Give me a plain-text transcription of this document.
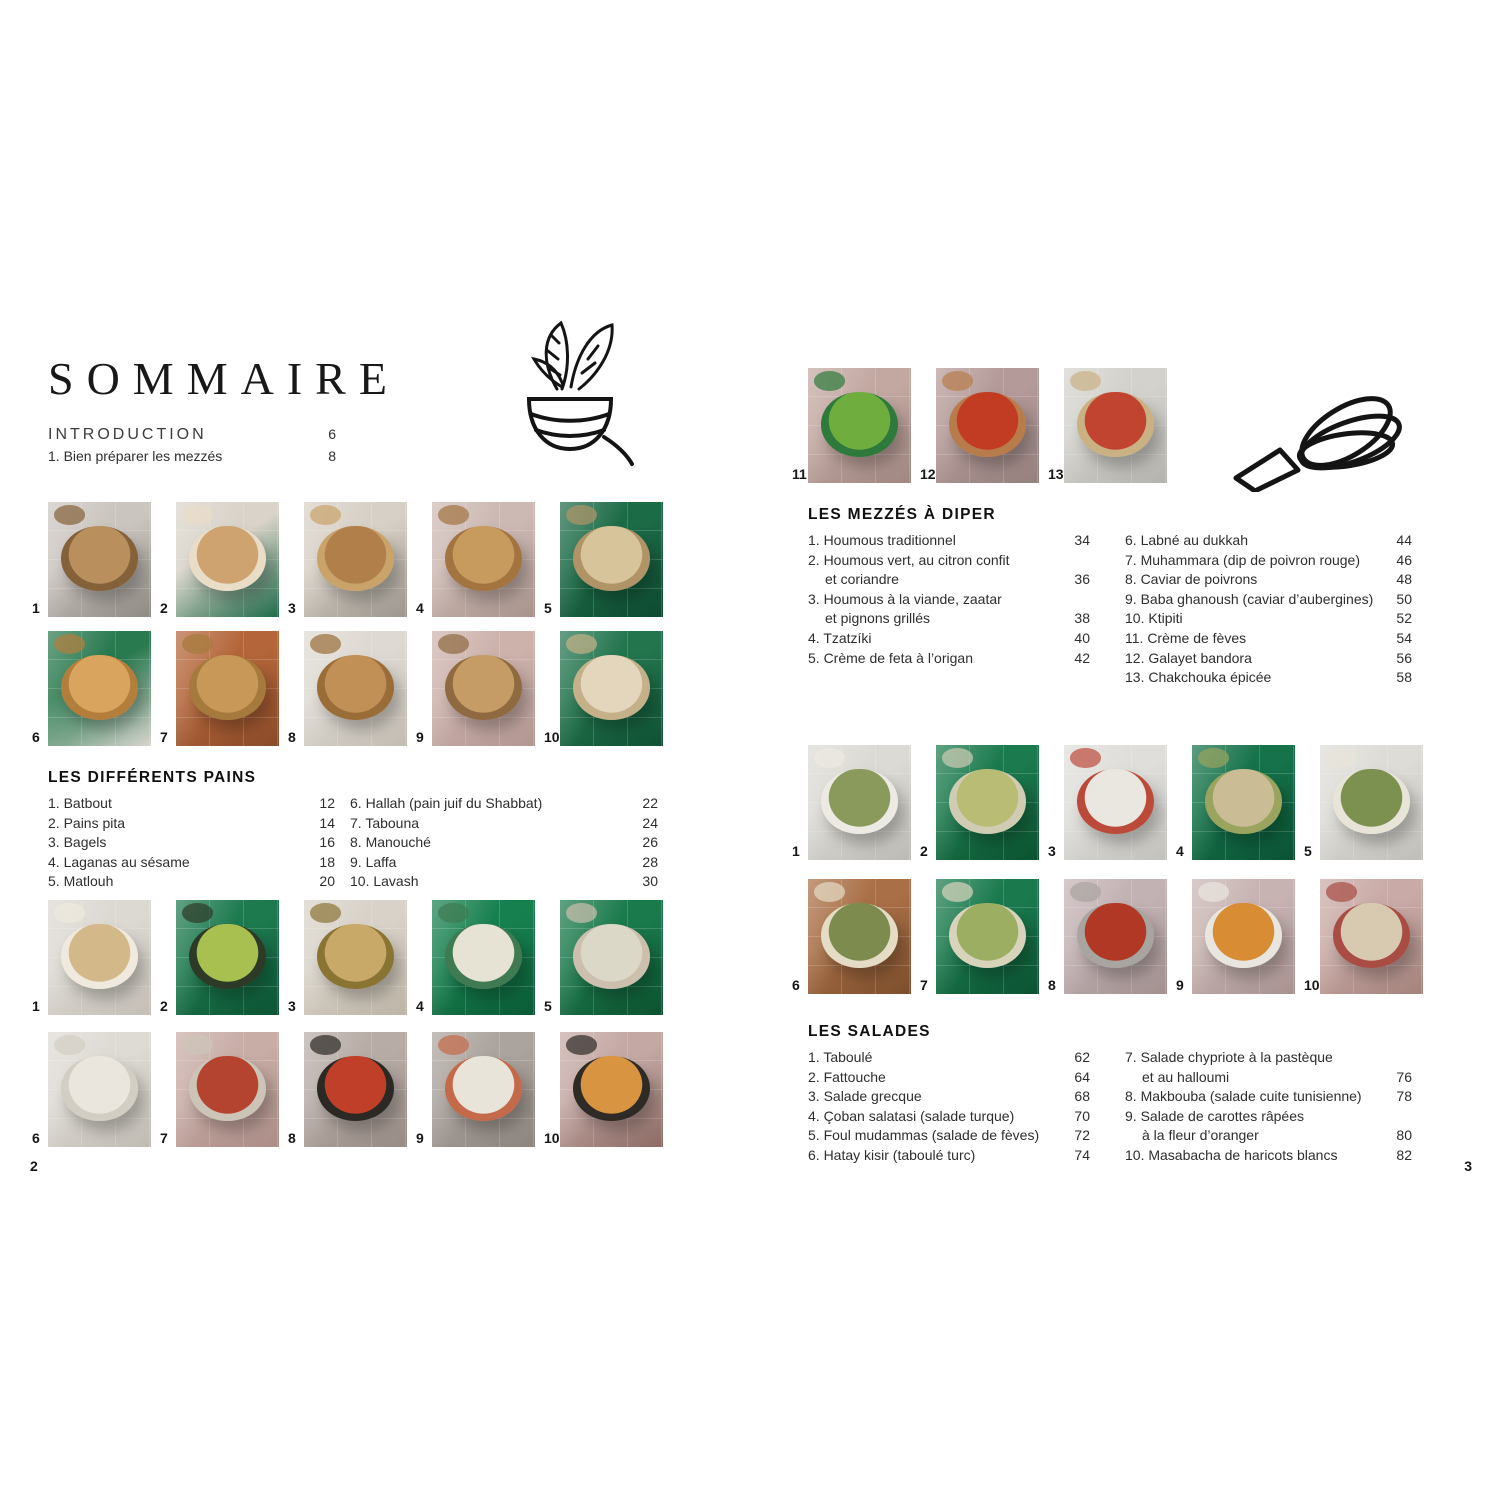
SOMMAIRE
INTRODUCTION	6
1. Bien préparer les mezzés	8
1	2	3	4	5
6	7	8	9	10
LES DIFFÉRENTS PAINS
1. Batbout	12
2. Pains pita	14
3. Bagels	16
4. Laganas au sésame	18
5. Matlouh	20
6. Hallah (pain juif du Shabbat)	22
7. Tabouna	24
8. Manouché	26
9. Laffa	28
10. Lavash	30
1	2	3	4	5
6	7	8	9	10
2
11	12	13
LES MEZZÉS À DIPER
1. Houmous traditionnel	34
2. Houmous vert, au citron confit
et coriandre	36
3. Houmous à la viande, zaatar
et pignons grillés	38
4. Tzatzíki	40
5. Crème de feta à l’origan	42
6. Labné au dukkah	44
7. Muhammara (dip de poivron rouge)	46
8. Caviar de poivrons	48
9. Baba ghanoush (caviar d’aubergines) 50
10. Ktipiti	52
11. Crème de fèves	54
12. Galayet bandora	56
13. Chakchouka épicée	58
1	2	3	4	5
6	7	8	9	10
LES SALADES
1. Taboulé	62
2. Fattouche	64
3. Salade grecque	68
4. Çoban salatasi (salade turque)	70
5. Foul mudammas (salade de fèves)	72
6. Hatay kisir (taboulé turc)	74
7. Salade chypriote à la pastèque
et au halloumi	76
8. Makbouba (salade cuite tunisienne) 78
9. Salade de carottes râpées
à la fleur d’oranger	80
10. Masabacha de haricots blancs	82
3
